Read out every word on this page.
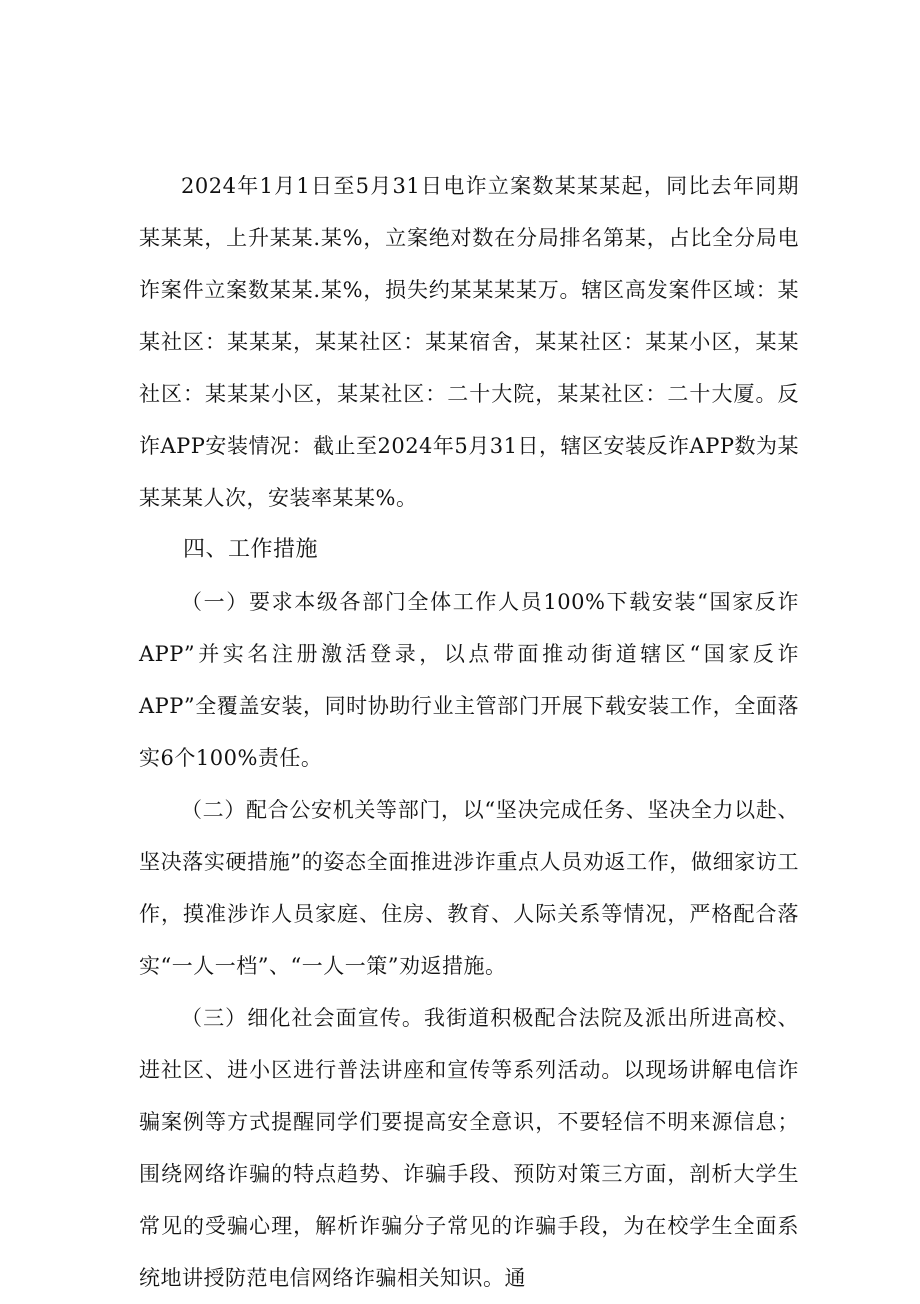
2024年1月1日至5月31日电诈立案数某某某起，同比去年同期某某某，上升某某.某%，立案绝对数在分局排名第某，占比全分局电诈案件立案数某某.某%，损失约某某某某万。辖区高发案件区域：某某社区：某某某，某某社区：某某宿舍，某某社区：某某小区，某某社区：某某某小区，某某社区：二十大院，某某社区：二十大厦。反诈APP安装情况：截止至2024年5月31日，辖区安装反诈APP数为某某某某人次，安装率某某%。

四、工作措施

（一）要求本级各部门全体工作人员100%下载安装“国家反诈APP”并实名注册激活登录，以点带面推动街道辖区“国家反诈APP”全覆盖安装，同时协助行业主管部门开展下载安装工作，全面落实6个100%责任。

（二）配合公安机关等部门，以“坚决完成任务、坚决全力以赴、坚决落实硬措施”的姿态全面推进涉诈重点人员劝返工作，做细家访工作，摸准涉诈人员家庭、住房、教育、人际关系等情况，严格配合落实“一人一档”、“一人一策”劝返措施。

（三）细化社会面宣传。我街道积极配合法院及派出所进高校、进社区、进小区进行普法讲座和宣传等系列活动。以现场讲解电信诈骗案例等方式提醒同学们要提高安全意识，不要轻信不明来源信息；围绕网络诈骗的特点趋势、诈骗手段、预防对策三方面，剖析大学生常见的受骗心理，解析诈骗分子常见的诈骗手段，为在校学生全面系统地讲授防范电信网络诈骗相关知识。通
